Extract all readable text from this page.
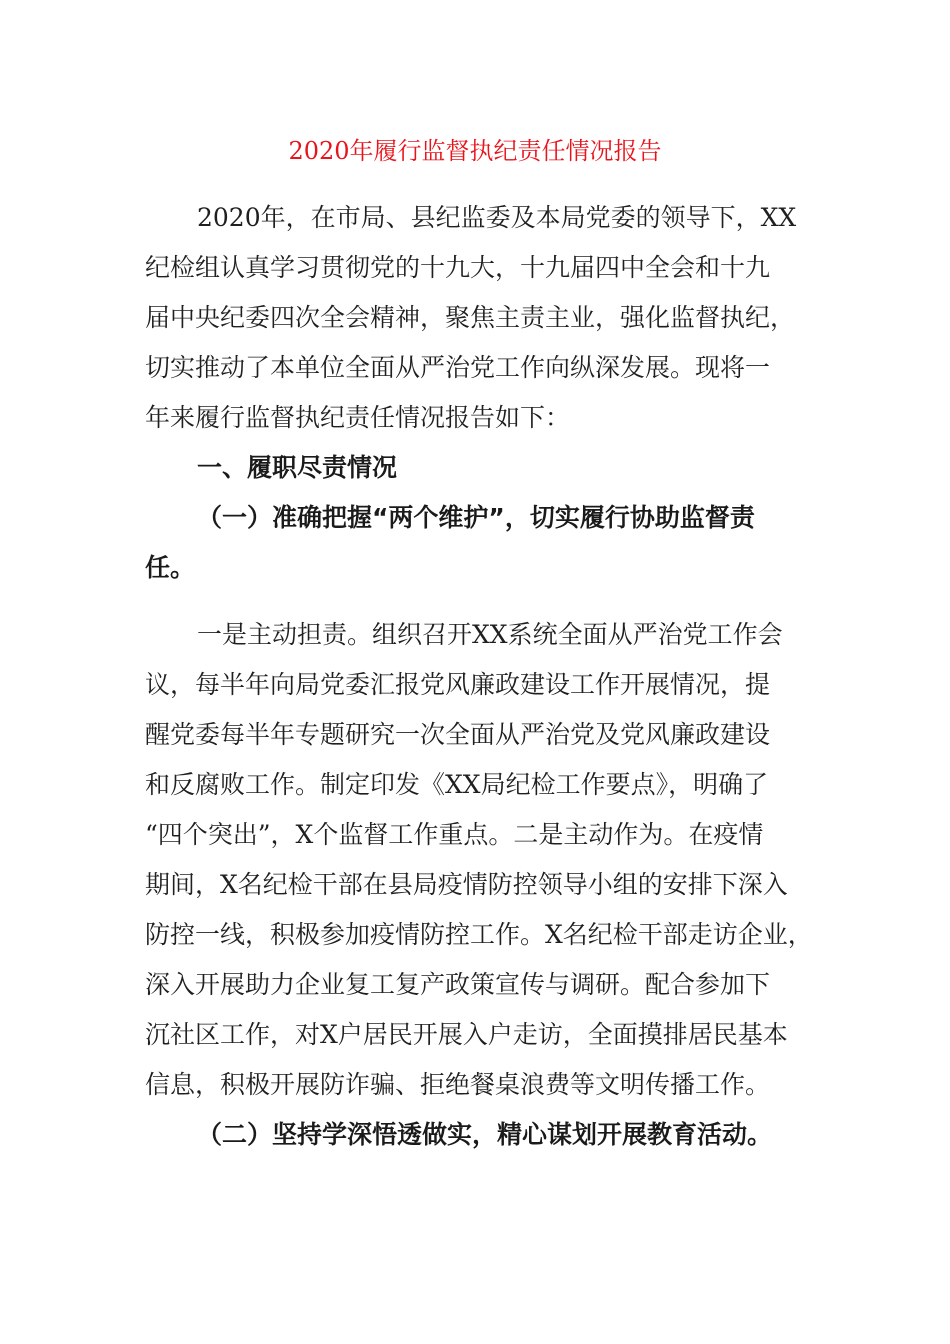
2020年履行监督执纪责任情况报告
2020年，在市局、县纪监委及本局党委的领导下，XX
纪检组认真学习贯彻党的十九大，十九届四中全会和十九
届中央纪委四次全会精神，聚焦主责主业，强化监督执纪，
切实推动了本单位全面从严治党工作向纵深发展。现将一
年来履行监督执纪责任情况报告如下：
一、履职尽责情况
（一）准确把握“两个维护”，切实履行协助监督责
任。
一是主动担责。组织召开XX系统全面从严治党工作会
议，每半年向局党委汇报党风廉政建设工作开展情况，提
醒党委每半年专题研究一次全面从严治党及党风廉政建设
和反腐败工作。制定印发《XX局纪检工作要点》，明确了
“四个突出”，X个监督工作重点。二是主动作为。在疫情
期间，X名纪检干部在县局疫情防控领导小组的安排下深入
防控一线，积极参加疫情防控工作。X名纪检干部走访企业，
深入开展助力企业复工复产政策宣传与调研。配合参加下
沉社区工作，对X户居民开展入户走访，全面摸排居民基本
信息，积极开展防诈骗、拒绝餐桌浪费等文明传播工作。
（二）坚持学深悟透做实，精心谋划开展教育活动。
